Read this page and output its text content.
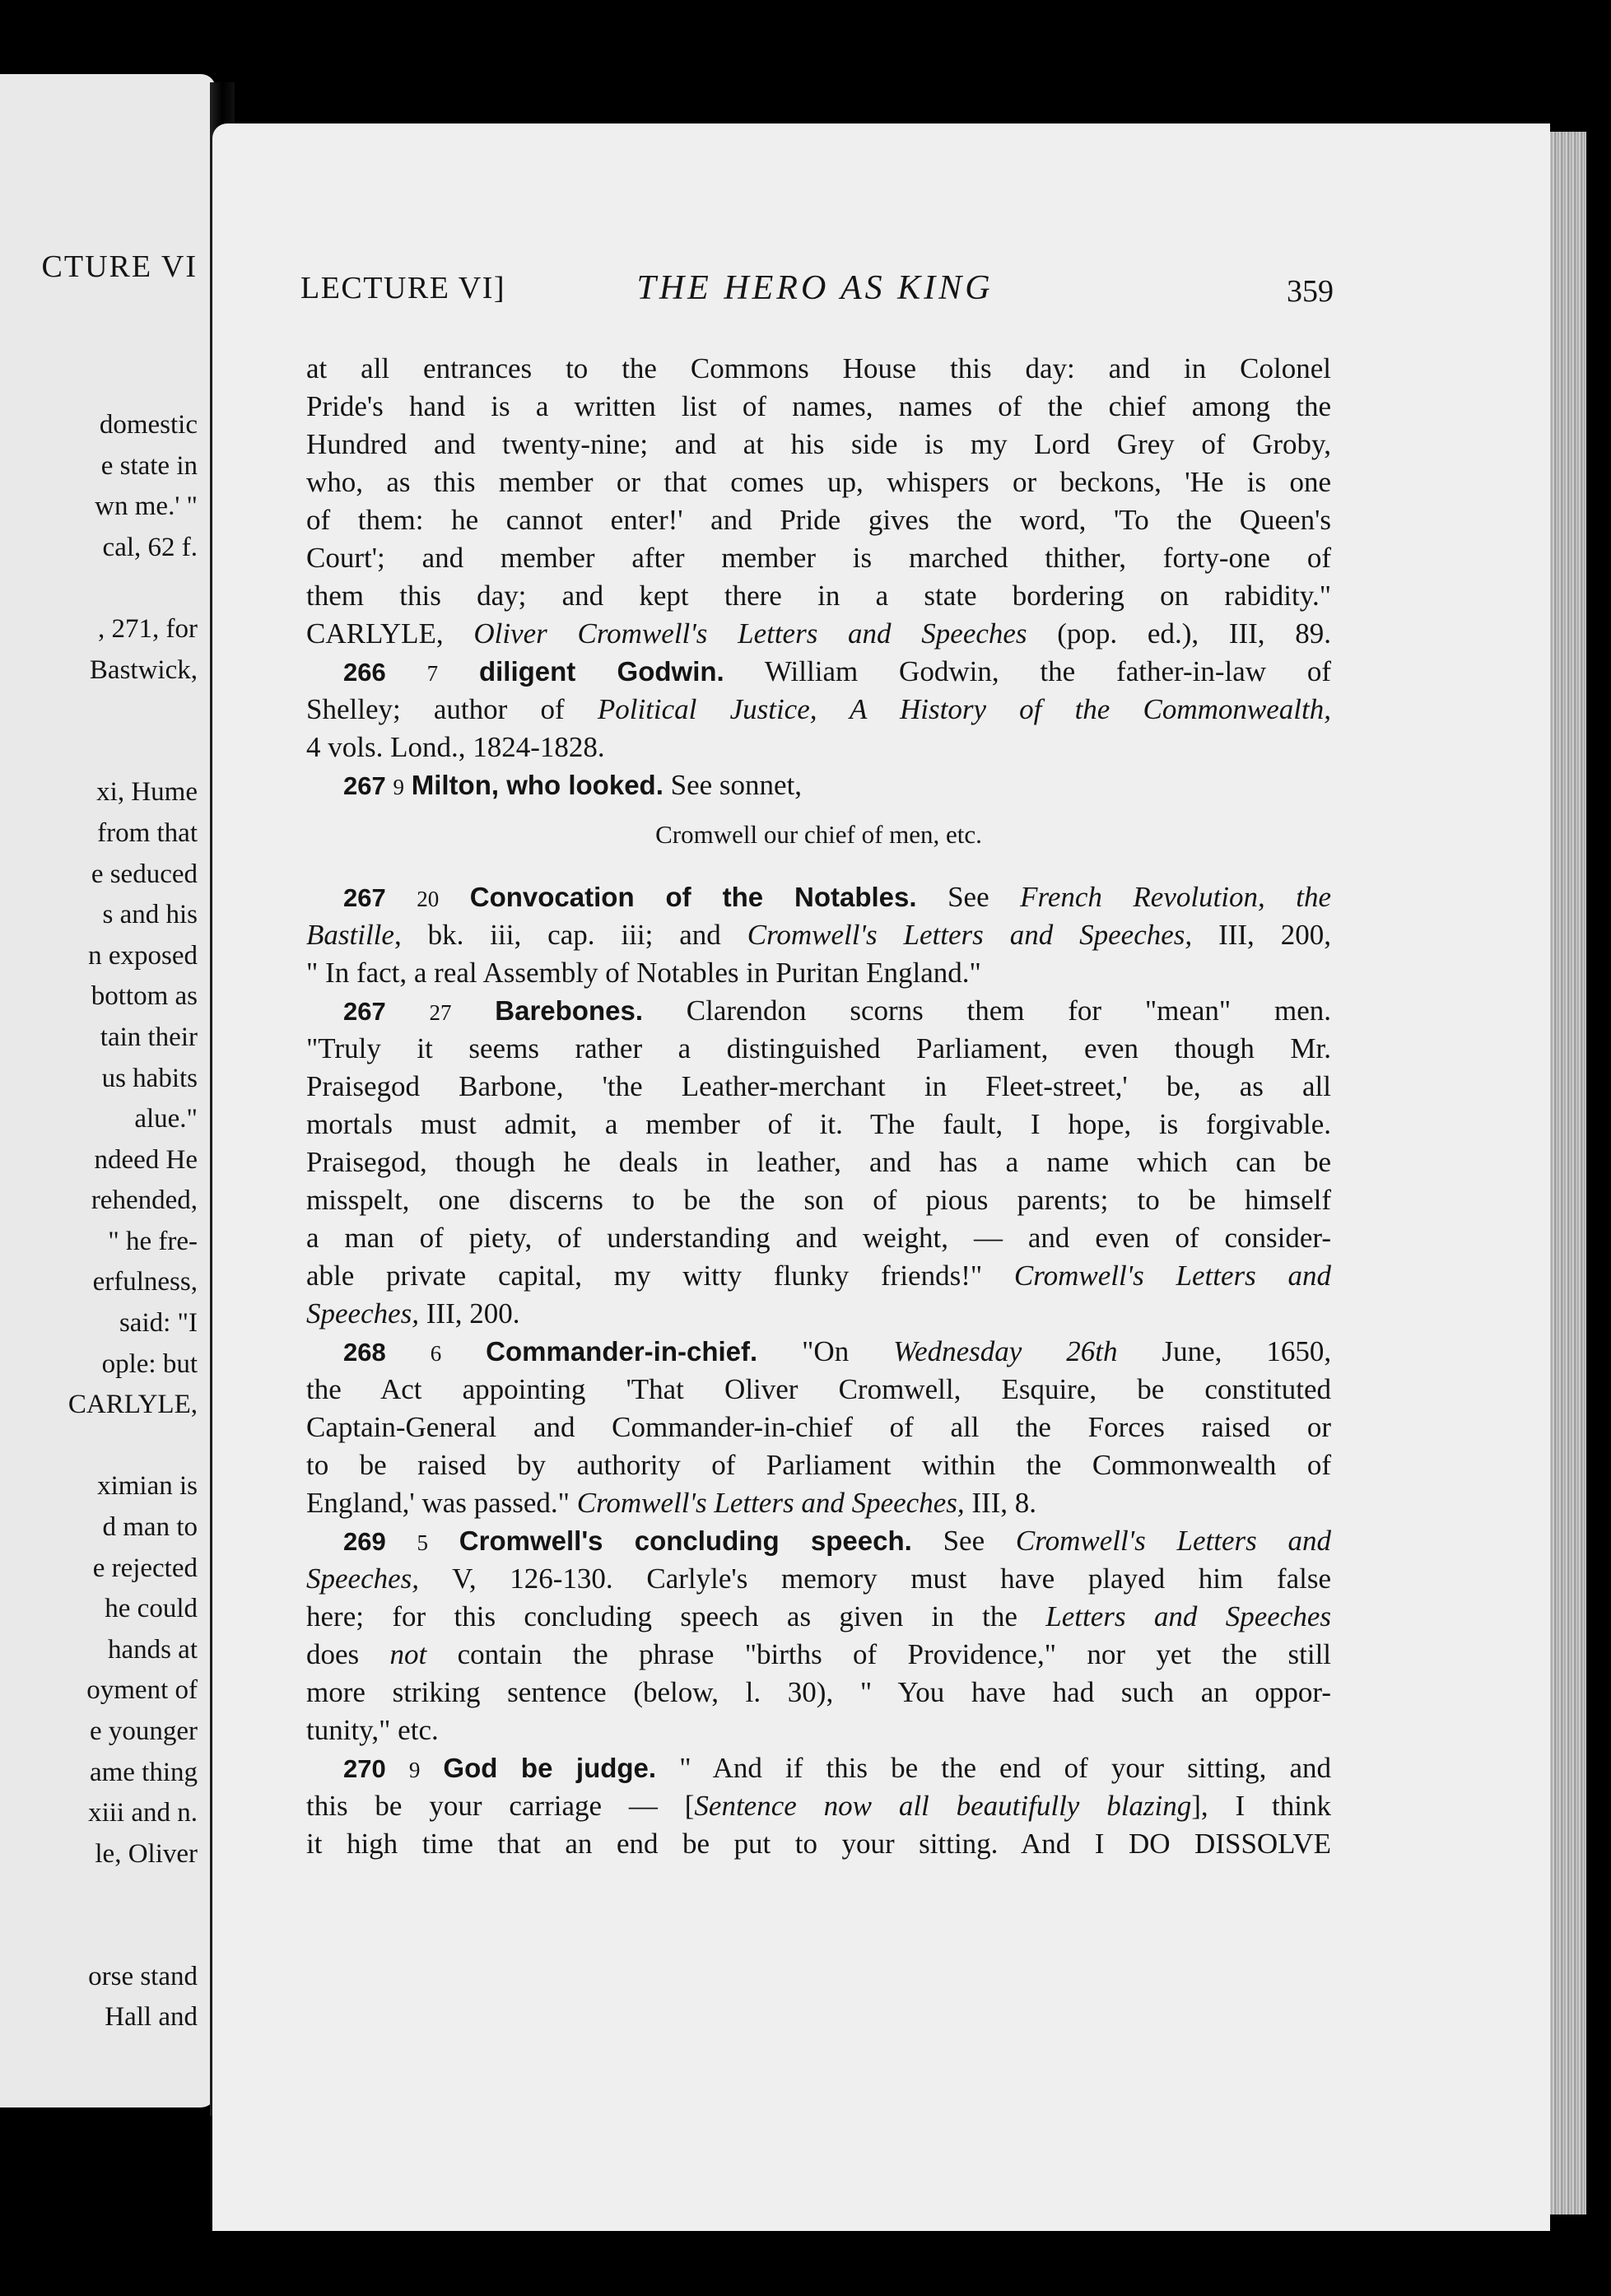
CTURE VI
domestic
e state in
wn me.' "
cal, 62 f.
, 271, for
Bastwick,
xi, Hume
from that
e seduced
s and his
n exposed
bottom as
tain their
us habits
alue."
ndeed He
rehended,
" he fre-
erfulness,
said: "I
ople: but
CARLYLE,
ximian is
d man to
e rejected
he could
hands at
oyment of
e younger
ame thing
xiii and n.
le, Oliver
orse stand
Hall and
LECTURE VI]	THE HERO AS KING	359
at all entrances to the Commons House this day: and in Colonel
Pride's hand is a written list of names, names of the chief among the
Hundred and twenty-nine; and at his side is my Lord Grey of Groby,
who, as this member or that comes up, whispers or beckons, 'He is one
of them: he cannot enter!' and Pride gives the word, 'To the Queen's
Court'; and member after member is marched thither, forty-one of
them this day; and kept there in a state bordering on rabidity."
CARLYLE, Oliver Cromwell's Letters and Speeches (pop. ed.), III, 89.
266 7 diligent Godwin. William Godwin, the father-in-law of
Shelley; author of Political Justice, A History of the Commonwealth,
4 vols. Lond., 1824-1828.
267 9 Milton, who looked. See sonnet,
Cromwell our chief of men, etc.
267 20 Convocation of the Notables. See French Revolution, the
Bastille, bk. iii, cap. iii; and Cromwell's Letters and Speeches, III, 200,
" In fact, a real Assembly of Notables in Puritan England."
267 27 Barebones. Clarendon scorns them for "mean" men.
"Truly it seems rather a distinguished Parliament, even though Mr.
Praisegod Barbone, 'the Leather-merchant in Fleet-street,' be, as all
mortals must admit, a member of it. The fault, I hope, is forgivable.
Praisegod, though he deals in leather, and has a name which can be
misspelt, one discerns to be the son of pious parents; to be himself
a man of piety, of understanding and weight, — and even of consider-
able private capital, my witty flunky friends!" Cromwell's Letters and
Speeches, III, 200.
268 6 Commander-in-chief. "On Wednesday 26th June, 1650,
the Act appointing 'That Oliver Cromwell, Esquire, be constituted
Captain-General and Commander-in-chief of all the Forces raised or
to be raised by authority of Parliament within the Commonwealth of
England,' was passed." Cromwell's Letters and Speeches, III, 8.
269 5 Cromwell's concluding speech. See Cromwell's Letters and
Speeches, V, 126-130. Carlyle's memory must have played him false
here; for this concluding speech as given in the Letters and Speeches
does not contain the phrase "births of Providence," nor yet the still
more striking sentence (below, l. 30), " You have had such an oppor-
tunity," etc.
270 9 God be judge. " And if this be the end of your sitting, and
this be your carriage — [Sentence now all beautifully blazing], I think
it high time that an end be put to your sitting. And I DO DISSOLVE
